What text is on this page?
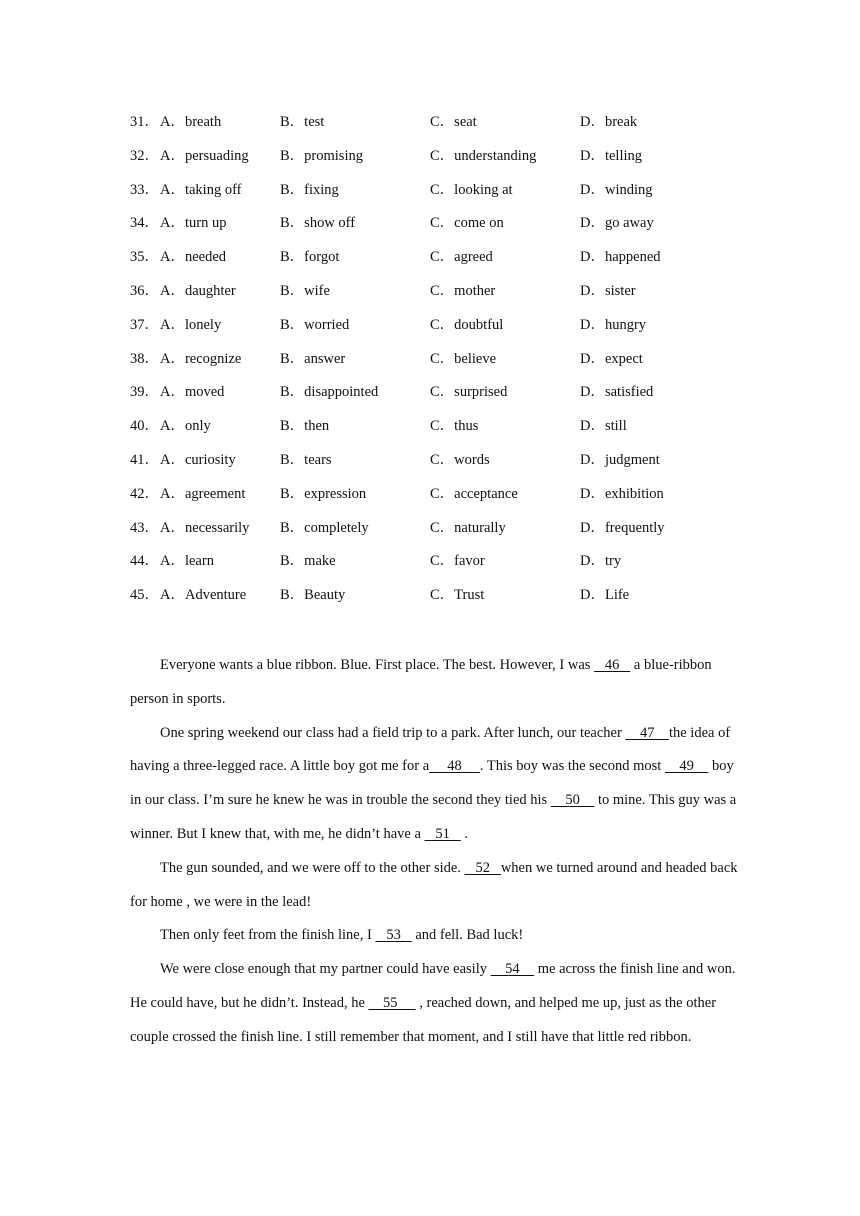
31． A．breath	B．test	C．seat	D．break
32． A．persuading B．promising	C．understanding	D．telling
33． A．taking off	B．fixing	C．looking at	D．winding
34． A．turn up	B．show off	C．come on	D．go away
35． A．needed	B．forgot	C．agreed	D．happened
36． A．daughter	B．wife	C．mother	D．sister
37． A．lonely	B．worried	C．doubtful	D．hungry
38． A．recognize	B．answer	C．believe	D．expect
39． A．moved	B．disappointed	C．surprised	D．satisfied
40． A．only	B．then	C．thus	D．still
41． A．curiosity	B．tears	C．words	D．judgment
42． A．agreement B．expression	C．acceptance	D．exhibition
43． A．necessarily B．completely	C．naturally	D．frequently
44． A．learn	B．make	C．favor	D．try
45． A．Adventure B．Beauty	C．Trust	D．Life

Everyone wants a blue ribbon. Blue. First place. The best. However, I was    46    a blue-ribbon person in sports.

One spring weekend our class had a field trip to a park. After lunch, our teacher     47    the idea of having a three-legged race. A little boy got me for a     48     . This boy was the second most     49     boy in our class. I’m sure he knew he was in trouble the second they tied his     50     to mine. This guy was a winner. But I knew that, with me, he didn’t have a    51    .

The gun sounded, and we were off to the other side.    52   when we turned around and headed back for home , we were in the lead!

Then only feet from the finish line, I    53    and fell. Bad luck!

We were close enough that my partner could have easily     54     me across the finish line and won. He could have, but he didn’t. Instead, he     55      , reached down, and helped me up, just as the other couple crossed the finish line. I still remember that moment, and I still have that little red ribbon.
